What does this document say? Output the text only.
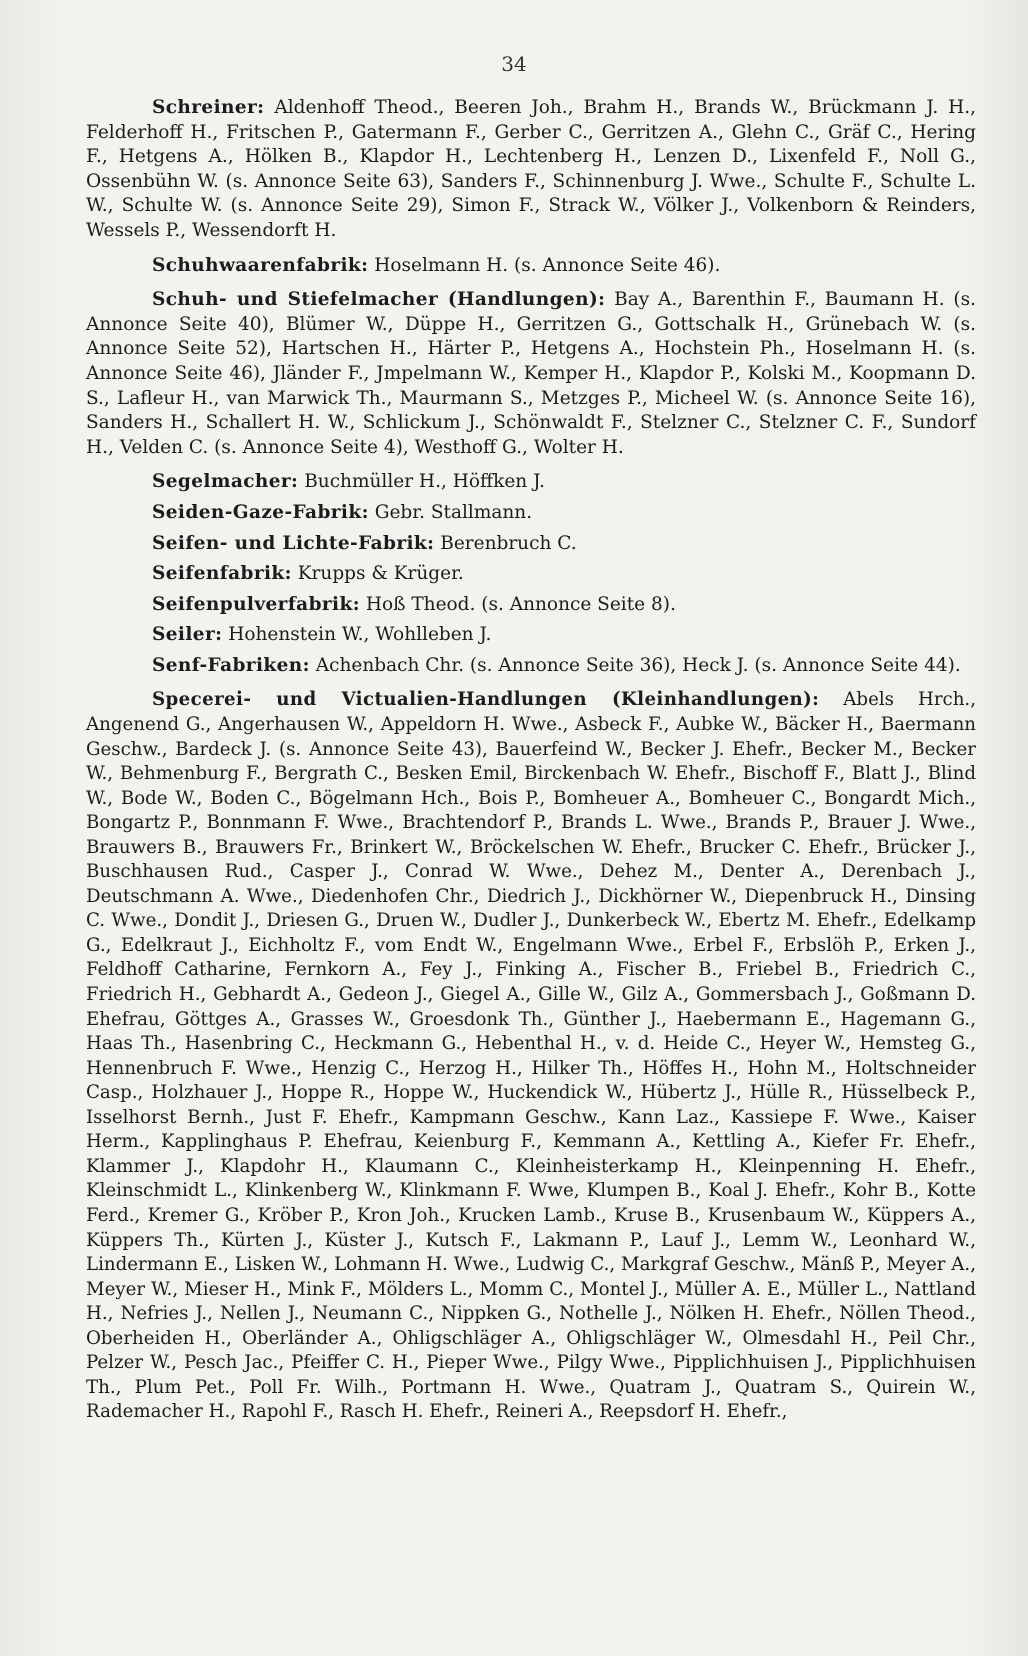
34

Schreiner: Aldenhoff Theod., Beeren Joh., Brahm H., Brands W., Brückmann J. H., Felderhoff H., Fritschen P., Gatermann F., Gerber C., Gerritzen A., Glehn C., Gräf C., Hering F., Hetgens A., Hölken B., Klapdor H., Lechtenberg H., Lenzen D., Lixenfeld F., Noll G., Ossenbühn W. (s. Annonce Seite 63), Sanders F., Schinnenburg J. Wwe., Schulte F., Schulte L. W., Schulte W. (s. Annonce Seite 29), Simon F., Strack W., Völker J., Volkenborn & Reinders, Wessels P., Wessendorft H.

Schuhwaarenfabrik: Hoselmann H. (s. Annonce Seite 46).

Schuh- und Stiefelmacher (Handlungen): Bay A., Barenthin F., Baumann H. (s. Annonce Seite 40), Blümer W., Düppe H., Gerritzen G., Gottschalk H., Grünebach W. (s. Annonce Seite 52), Hartschen H., Härter P., Hetgens A., Hochstein Ph., Hoselmann H. (s. Annonce Seite 46), Jländer F., Jmpelmann W., Kemper H., Klapdor P., Kolski M., Koopmann D. S., Lafleur H., van Marwick Th., Maurmann S., Metzges P., Micheel W. (s. Annonce Seite 16), Sanders H., Schallert H. W., Schlickum J., Schönwaldt F., Stelzner C., Stelzner C. F., Sundorf H., Velden C. (s. Annonce Seite 4), Westhoff G., Wolter H.

Segelmacher: Buchmüller H., Höffken J.

Seiden-Gaze-Fabrik: Gebr. Stallmann.

Seifen- und Lichte-Fabrik: Berenbruch C.

Seifenfabrik: Krupps & Krüger.

Seifenpulverfabrik: Hoß Theod. (s. Annonce Seite 8).

Seiler: Hohenstein W., Wohlleben J.

Senf-Fabriken: Achenbach Chr. (s. Annonce Seite 36), Heck J. (s. Annonce Seite 44).

Specerei- und Victualien-Handlungen (Kleinhandlungen): Abels Hrch., Angenend G., Angerhausen W., Appeldorn H. Wwe., Asbeck F., Aubke W., Bäcker H., Baermann Geschw., Bardeck J. (s. Annonce Seite 43), Bauerfeind W., Becker J. Ehefr., Becker M., Becker W., Behmenburg F., Bergrath C., Besken Emil, Birckenbach W. Ehefr., Bischoff F., Blatt J., Blind W., Bode W., Boden C., Bögelmann Hch., Bois P., Bomheuer A., Bomheuer C., Bongardt Mich., Bongartz P., Bonnmann F. Wwe., Brachtendorf P., Brands L. Wwe., Brands P., Brauer J. Wwe., Brauwers B., Brauwers Fr., Brinkert W., Bröckelschen W. Ehefr., Brucker C. Ehefr., Brücker J., Buschhausen Rud., Casper J., Conrad W. Wwe., Dehez M., Denter A., Derenbach J., Deutschmann A. Wwe., Diedenhofen Chr., Diedrich J., Dickhörner W., Diepenbruck H., Dinsing C. Wwe., Dondit J., Driesen G., Druen W., Dudler J., Dunkerbeck W., Ebertz M. Ehefr., Edelkamp G., Edelkraut J., Eichholtz F., vom Endt W., Engelmann Wwe., Erbel F., Erbslöh P., Erken J., Feldhoff Catharine, Fernkorn A., Fey J., Finking A., Fischer B., Friebel B., Friedrich C., Friedrich H., Gebhardt A., Gedeon J., Giegel A., Gille W., Gilz A., Gommersbach J., Goßmann D. Ehefrau, Göttges A., Grasses W., Groesdonk Th., Günther J., Haebermann E., Hagemann G., Haas Th., Hasenbring C., Heckmann G., Hebenthal H., v. d. Heide C., Heyer W., Hemsteg G., Hennenbruch F. Wwe., Henzig C., Herzog H., Hilker Th., Höffes H., Hohn M., Holtschneider Casp., Holzhauer J., Hoppe R., Hoppe W., Huckendick W., Hübertz J., Hülle R., Hüsselbeck P., Isselhorst Bernh., Just F. Ehefr., Kampmann Geschw., Kann Laz., Kassiepe F. Wwe., Kaiser Herm., Kapplinghaus P. Ehefrau, Keienburg F., Kemmann A., Kettling A., Kiefer Fr. Ehefr., Klammer J., Klapdohr H., Klaumann C., Kleinheisterkamp H., Kleinpenning H. Ehefr., Kleinschmidt L., Klinkenberg W., Klinkmann F. Wwe, Klumpen B., Koal J. Ehefr., Kohr B., Kotte Ferd., Kremer G., Kröber P., Kron Joh., Krucken Lamb., Kruse B., Krusenbaum W., Küppers A., Küppers Th., Kürten J., Küster J., Kutsch F., Lakmann P., Lauf J., Lemm W., Leonhard W., Lindermann E., Lisken W., Lohmann H. Wwe., Ludwig C., Markgraf Geschw., Mänß P., Meyer A., Meyer W., Mieser H., Mink F., Mölders L., Momm C., Montel J., Müller A. E., Müller L., Nattland H., Nefries J., Nellen J., Neumann C., Nippken G., Nothelle J., Nölken H. Ehefr., Nöllen Theod., Oberheiden H., Oberländer A., Ohligschläger A., Ohligschläger W., Olmesdahl H., Peil Chr., Pelzer W., Pesch Jac., Pfeiffer C. H., Pieper Wwe., Pilgy Wwe., Pipplichhuisen J., Pipplichhuisen Th., Plum Pet., Poll Fr. Wilh., Portmann H. Wwe., Quatram J., Quatram S., Quirein W., Rademacher H., Rapohl F., Rasch H. Ehefr., Reineri A., Reepsdorf H. Ehefr.,
